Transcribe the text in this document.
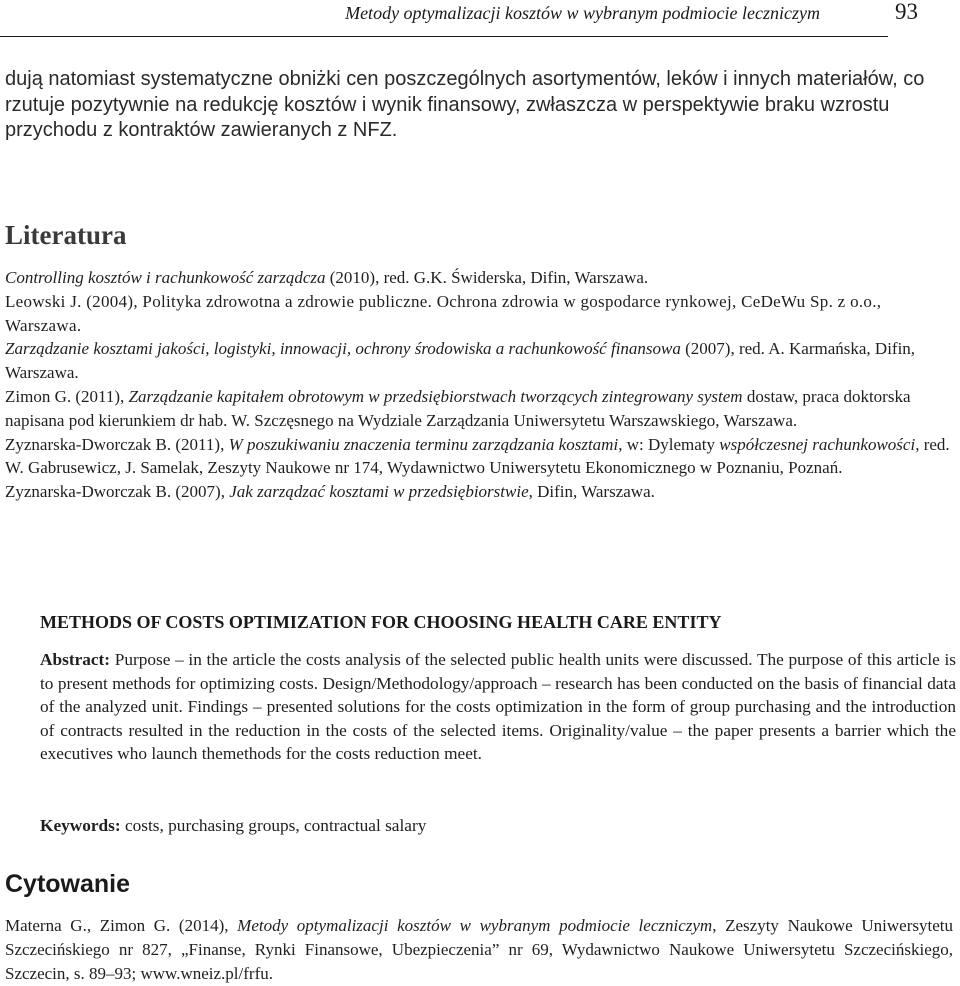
Metody optymalizacji kosztów w wybranym podmiocie leczniczym	93

dują natomiast systematyczne obniżki cen poszczególnych asortymentów, leków i innych materiałów, co rzutuje pozytywnie na redukcję kosztów i wynik finansowy, zwłaszcza w perspektywie braku wzrostu przychodu z kontraktów zawieranych z NFZ.

Literatura

Controlling kosztów i rachunkowość zarządcza (2010), red. G.K. Świderska, Difin, Warszawa.

Leowski J. (2004), Polityka zdrowotna a zdrowie publiczne. Ochrona zdrowia w gospodarce rynkowej, CeDeWu Sp. z o.o., Warszawa.

Zarządzanie kosztami jakości, logistyki, innowacji, ochrony środowiska a rachunkowość finansowa (2007), red. A. Karmańska, Difin, Warszawa.

Zimon G. (2011), Zarządzanie kapitałem obrotowym w przedsiębiorstwach tworzących zintegrowany system dostaw, praca doktorska napisana pod kierunkiem dr hab. W. Szczęsnego na Wydziale Zarządzania Uniwersytetu Warszawskiego, Warszawa.

Zyznarska-Dworczak B. (2011), W poszukiwaniu znaczenia terminu zarządzania kosztami, w: Dylematy współczesnej rachunkowości, red. W. Gabrusewicz, J. Samelak, Zeszyty Naukowe nr 174, Wydawnictwo Uniwersytetu Ekonomicznego w Poznaniu, Poznań.

Zyznarska-Dworczak B. (2007), Jak zarządzać kosztami w przedsiębiorstwie, Difin, Warszawa.

METHODS OF COSTS OPTIMIZATION FOR CHOOSING HEALTH CARE ENTITY

Abstract: Purpose – in the article the costs analysis of the selected public health units were discussed. The purpose of this article is to present methods for optimizing costs. Design/Methodology/approach – research has been conducted on the basis of financial data of the analyzed unit. Findings – presented solutions for the costs optimization in the form of group purchasing and the introduction of contracts resulted in the reduction in the costs of the selected items. Originality/value – the paper presents a barrier which the executives who launch themethods for the costs reduction meet.

Keywords: costs, purchasing groups, contractual salary

Cytowanie

Materna G., Zimon G. (2014), Metody optymalizacji kosztów w wybranym podmiocie leczniczym, Zeszyty Naukowe Uniwersytetu Szczecińskiego nr 827, „Finanse, Rynki Finansowe, Ubezpieczenia” nr 69, Wydawnictwo Naukowe Uniwersytetu Szczecińskiego, Szczecin, s. 89–93; www.wneiz.pl/frfu.
